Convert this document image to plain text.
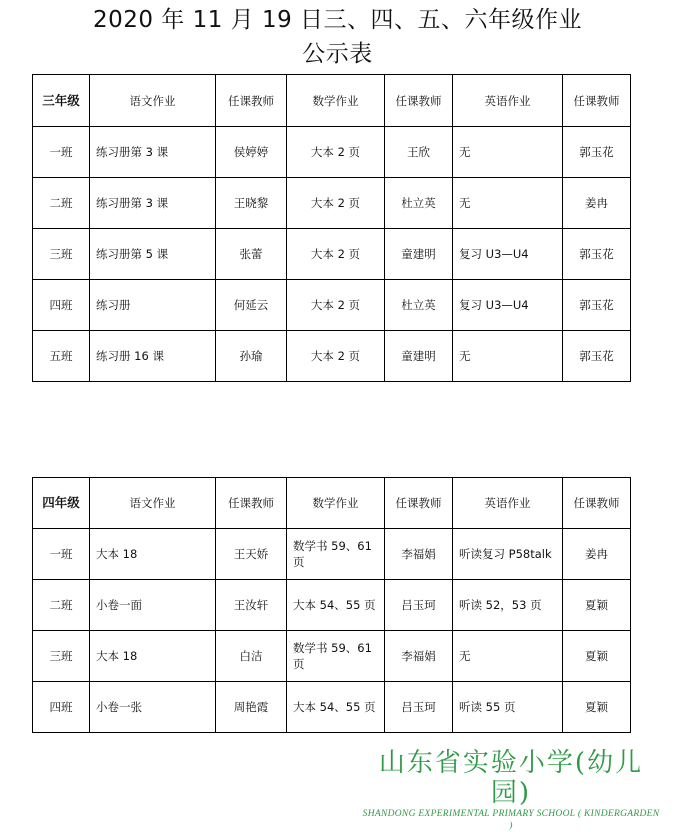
2020 年 11 月 19 日三、四、五、六年级作业
公示表
三年级	语文作业	任课教师	数学作业	任课教师	英语作业	任课教师
一班	练习册第 3 课	侯婷婷	大本 2 页	王欣	无	郭玉花
二班	练习册第 3 课	王晓黎	大本 2 页	杜立英	无	姜冉
三班	练习册第 5 课	张蕾	大本 2 页	童建明	复习 U3—U4	郭玉花
四班	练习册	何延云	大本 2 页	杜立英	复习 U3—U4	郭玉花
五班	练习册 16 课	孙瑜	大本 2 页	童建明	无	郭玉花
四年级	语文作业	任课教师	数学作业	任课教师	英语作业	任课教师
一班	大本 18	王天娇	数学书 59、61 页	李福娟	听读复习 P58talk	姜冉
二班	小卷一面	王汝轩	大本 54、55 页	吕玉珂	听读 52，53 页	夏颖
三班	大本 18	白洁	数学书 59、61 页	李福娟	无	夏颖
四班	小卷一张	周艳霞	大本 54、55 页	吕玉珂	听读 55 页	夏颖
山东省实验小学(幼儿园)
SHANDONG EXPERIMENTAL PRIMARY SCHOOL ( KINDERGARDEN )
